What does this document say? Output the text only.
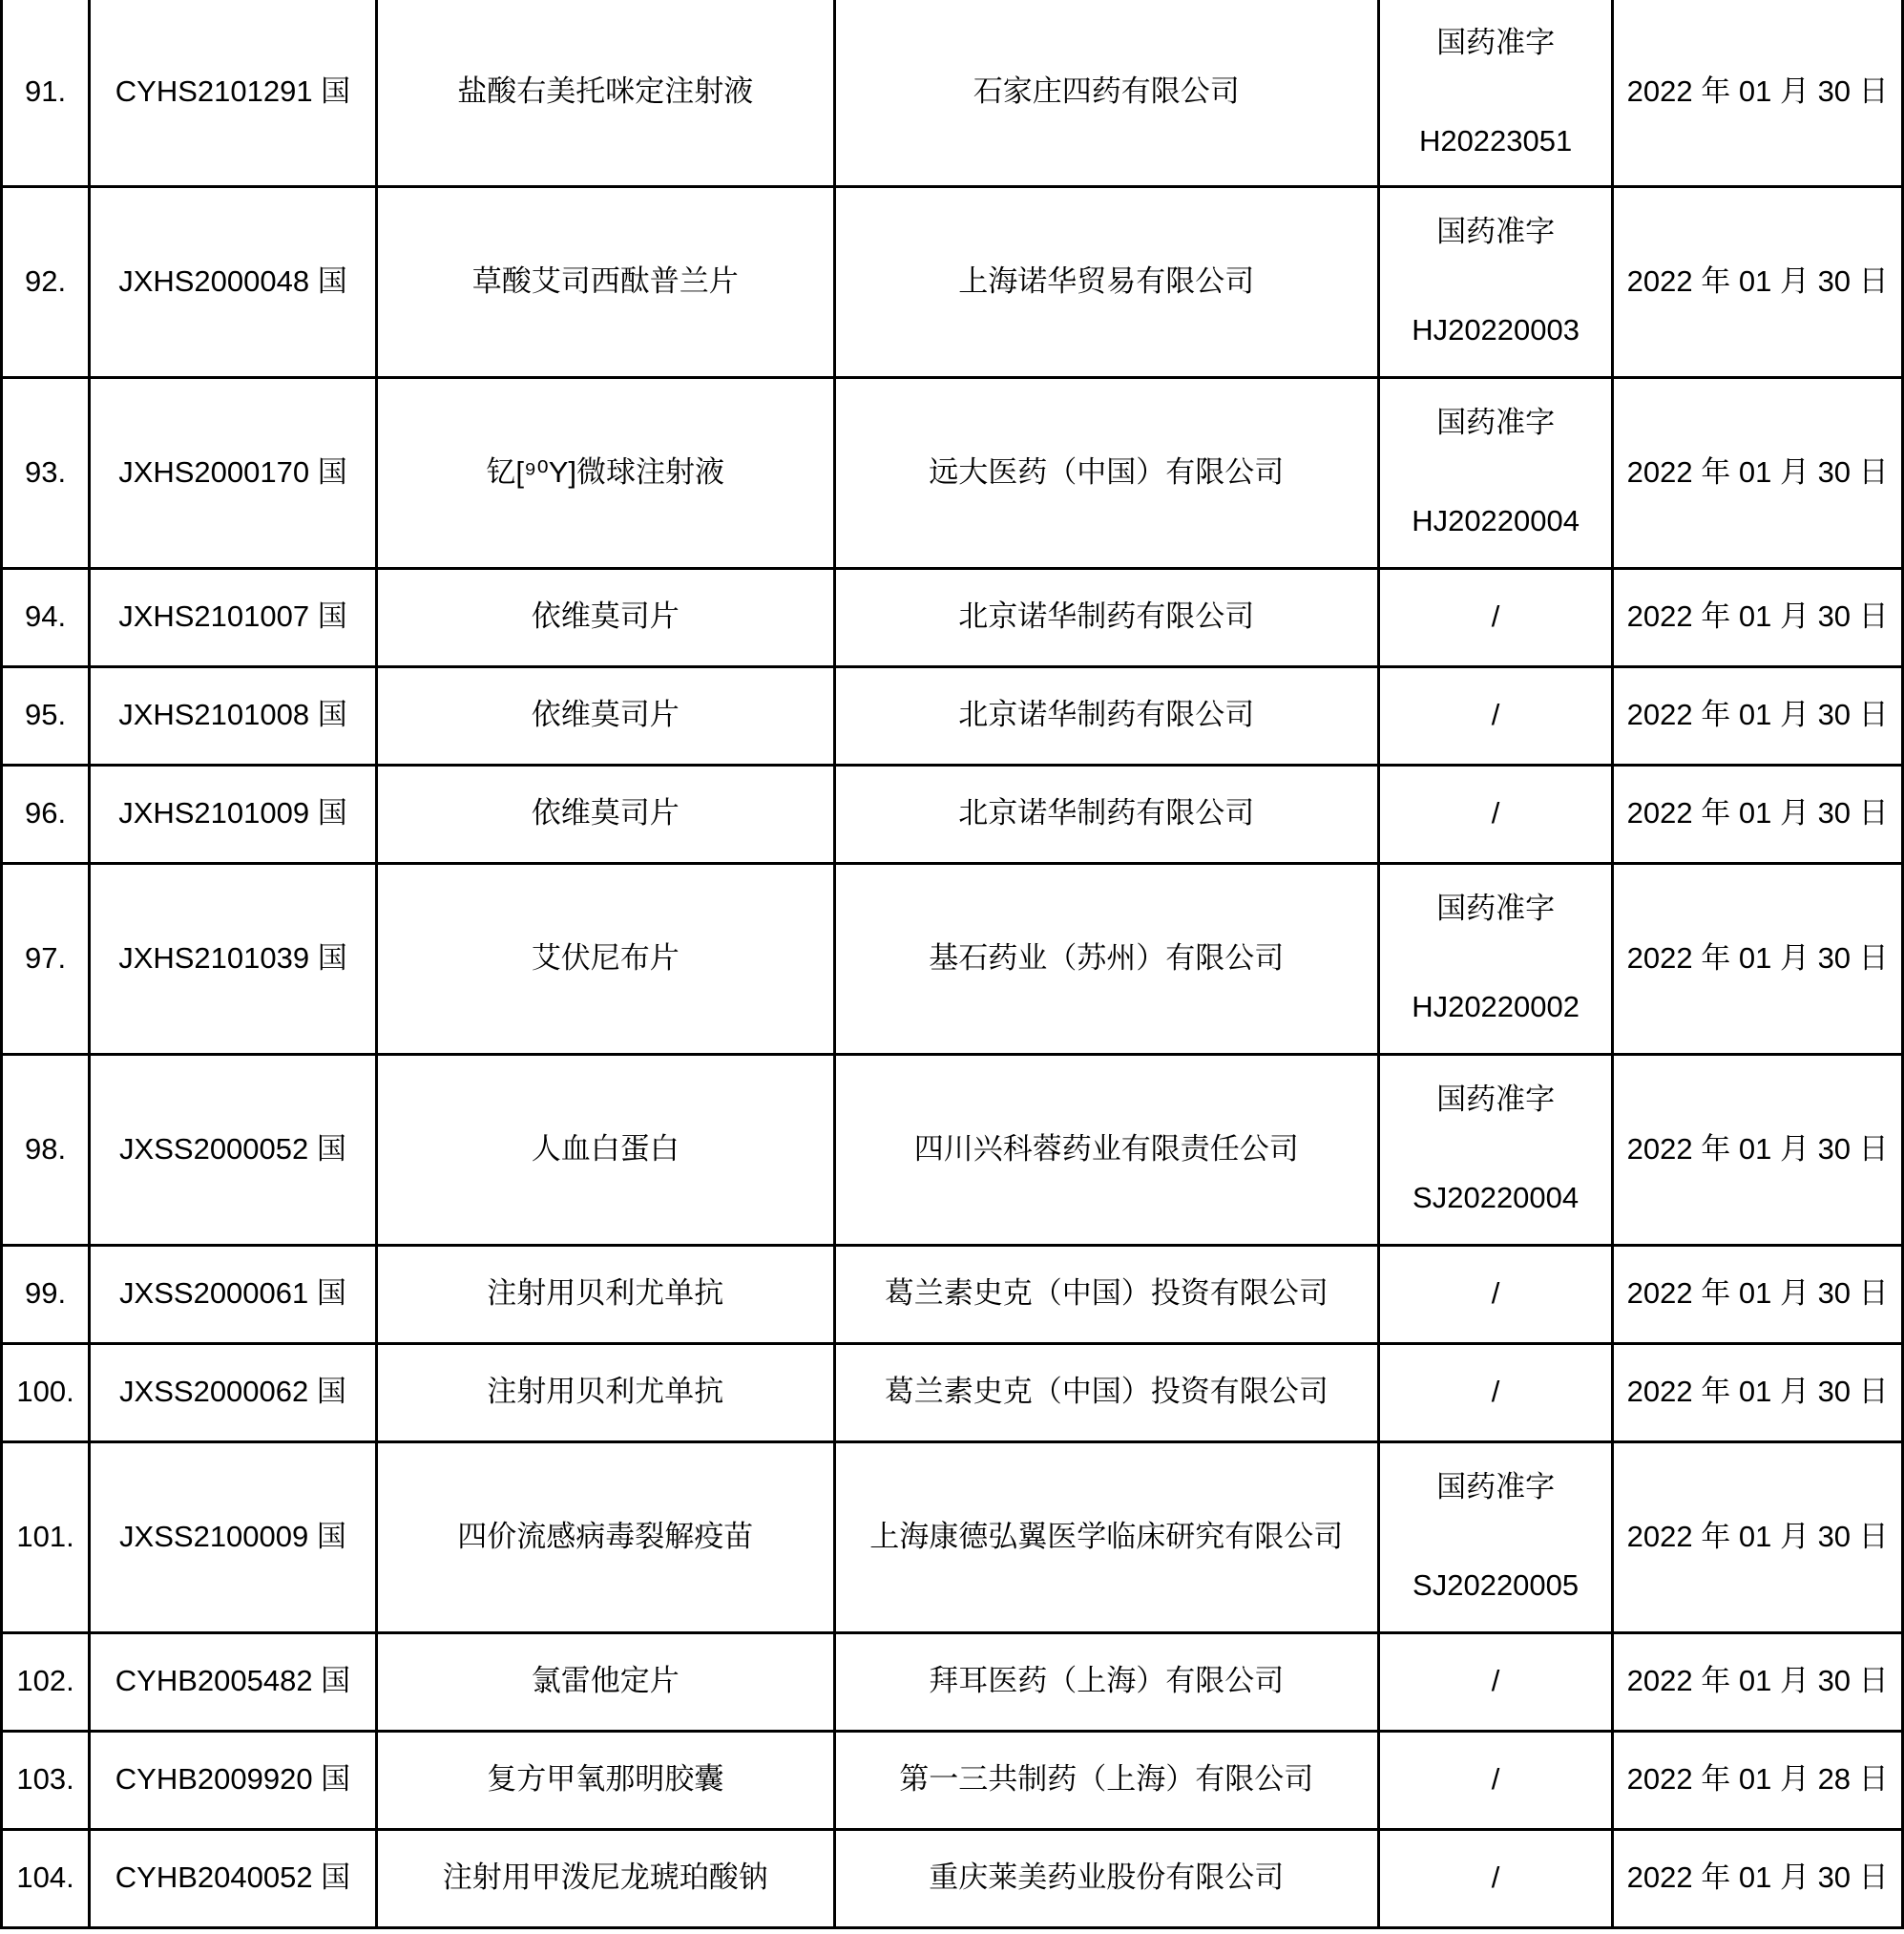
91.	CYHS2101291 国	盐酸右美托咪定注射液	石家庄四药有限公司	国药准字
H20223051	2022 年 01 月 30 日
92.	JXHS2000048 国	草酸艾司西酞普兰片	上海诺华贸易有限公司	国药准字
HJ20220003	2022 年 01 月 30 日
93.	JXHS2000170 国	钇[⁹⁰Y]微球注射液	远大医药（中国）有限公司	国药准字
HJ20220004	2022 年 01 月 30 日
94.	JXHS2101007 国	依维莫司片	北京诺华制药有限公司	/	2022 年 01 月 30 日
95.	JXHS2101008 国	依维莫司片	北京诺华制药有限公司	/	2022 年 01 月 30 日
96.	JXHS2101009 国	依维莫司片	北京诺华制药有限公司	/	2022 年 01 月 30 日
97.	JXHS2101039 国	艾伏尼布片	基石药业（苏州）有限公司	国药准字
HJ20220002	2022 年 01 月 30 日
98.	JXSS2000052 国	人血白蛋白	四川兴科蓉药业有限责任公司	国药准字
SJ20220004	2022 年 01 月 30 日
99.	JXSS2000061 国	注射用贝利尤单抗	葛兰素史克（中国）投资有限公司	/	2022 年 01 月 30 日
100.	JXSS2000062 国	注射用贝利尤单抗	葛兰素史克（中国）投资有限公司	/	2022 年 01 月 30 日
101.	JXSS2100009 国	四价流感病毒裂解疫苗	上海康德弘翼医学临床研究有限公司	国药准字
SJ20220005	2022 年 01 月 30 日
102.	CYHB2005482 国	氯雷他定片	拜耳医药（上海）有限公司	/	2022 年 01 月 30 日
103.	CYHB2009920 国	复方甲氧那明胶囊	第一三共制药（上海）有限公司	/	2022 年 01 月 28 日
104.	CYHB2040052 国	注射用甲泼尼龙琥珀酸钠	重庆莱美药业股份有限公司	/	2022 年 01 月 30 日
